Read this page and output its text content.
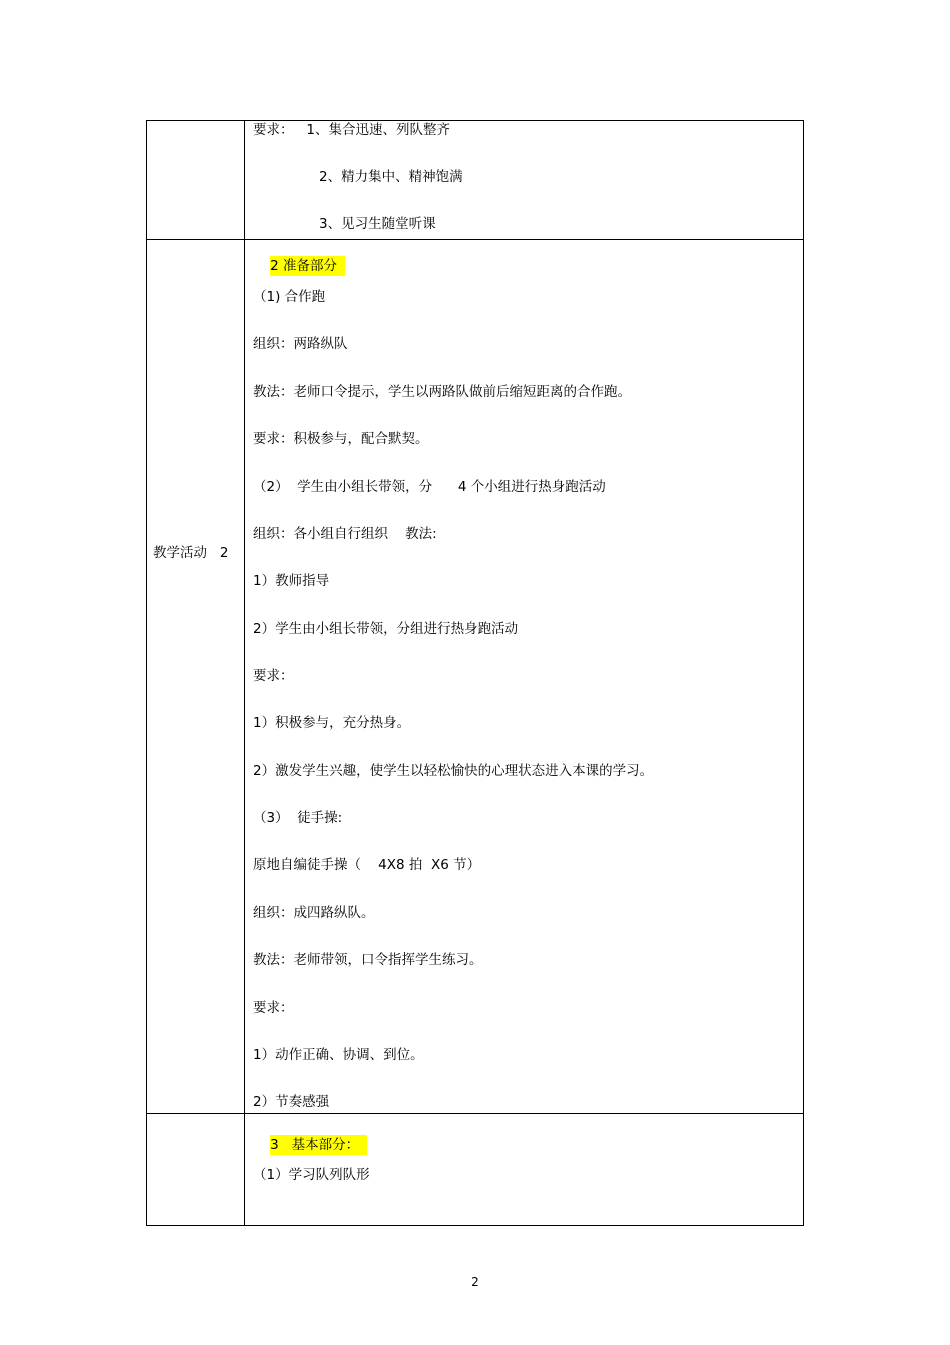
要求：   1、集合迅速、列队整齐
2、精力集中、精神饱满
3、见习生随堂听课
教学活动   2

2 准备部分

（1) 合作跑
组织：两路纵队
教法：老师口令提示，学生以两路队做前后缩短距离的合作跑。
要求：积极参与，配合默契。
（2）  学生由小组长带领，分      4 个小组进行热身跑活动
组织：各小组自行组织    教法:
1）教师指导
2）学生由小组长带领，分组进行热身跑活动
要求：
1）积极参与，充分热身。
2）激发学生兴趣，使学生以轻松愉快的心理状态进入本课的学习。
（3）  徒手操:
原地自编徒手操（    4X8 拍  X6 节）
组织：成四路纵队。
教法：老师带领，口令指挥学生练习。
要求：
1）动作正确、协调、到位。
2）节奏感强

3   基本部分：

（1）学习队列队形
2
